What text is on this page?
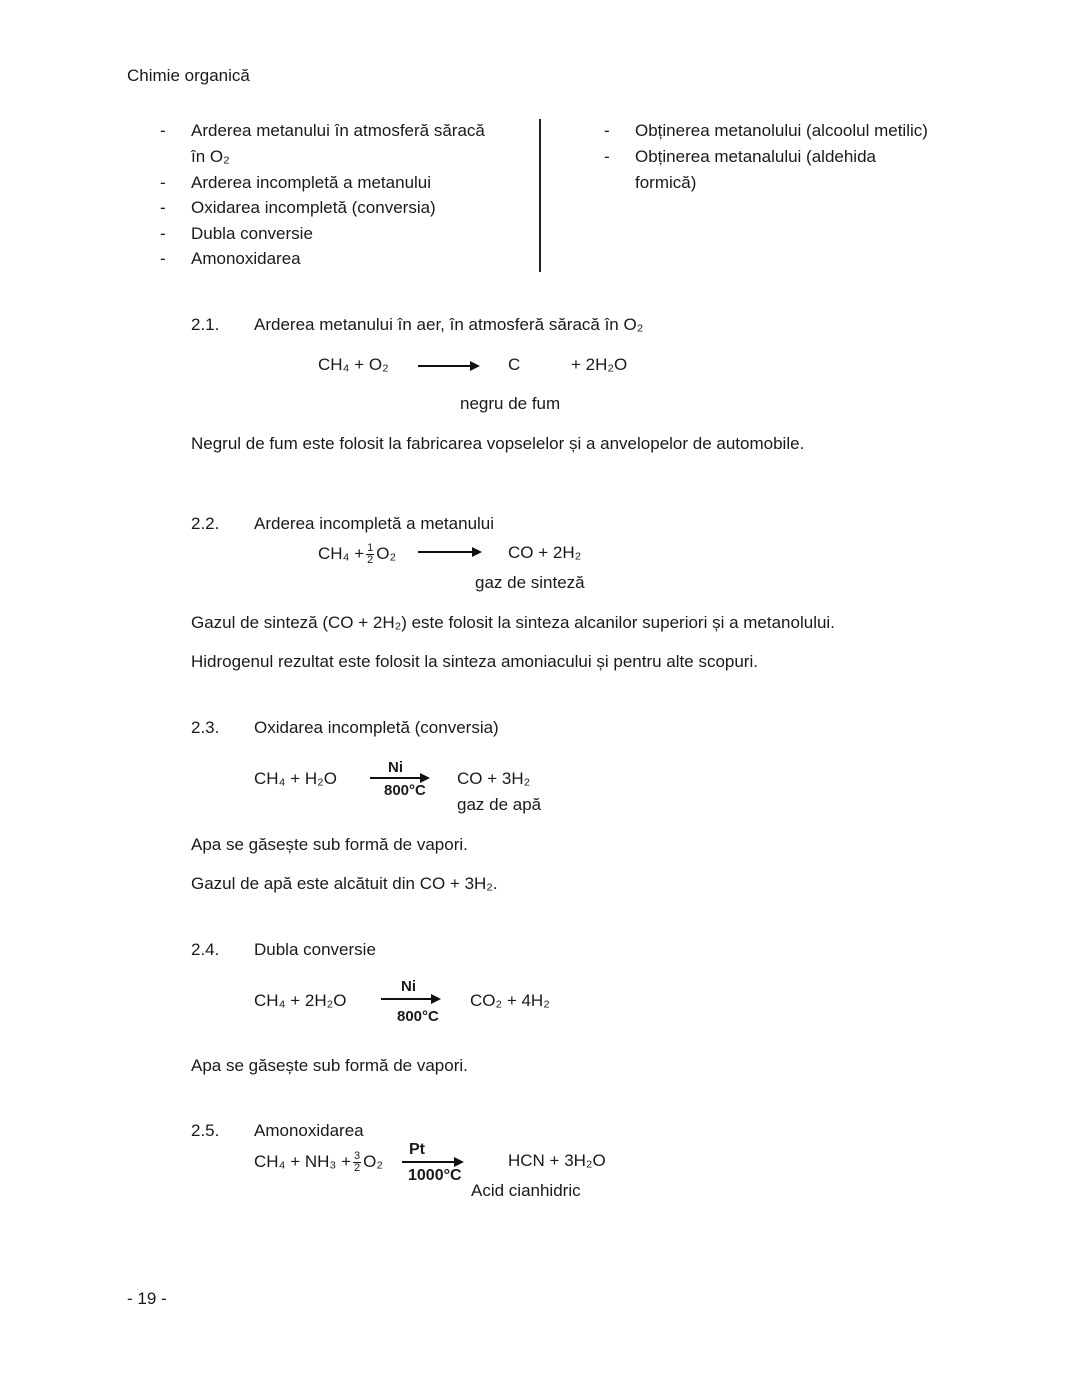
Chimie organică
- Arderea metanului în atmosferă săracă
în O₂
- Arderea incompletă a metanului
- Oxidarea incompletă (conversia)
- Dubla conversie
- Amonoxidarea
- Obținerea metanolului (alcoolul metilic)
- Obținerea metanalului (aldehida
formică)
2.1. Arderea metanului în aer, în atmosferă săracă în O₂
CH₄ + O₂	C	+ 2H₂O
negru de fum
Negrul de fum este folosit la fabricarea vopselelor și a anvelopelor de automobile.
2.2. Arderea incompletă a metanului
$CH_4 + \frac{1}{2} O_2$ → CO + 2H₂
gaz de sinteză
Gazul de sinteză (CO + 2H₂) este folosit la sinteza alcanilor superiori și a metanolului.
Hidrogenul rezultat este folosit la sinteza amoniacului și pentru alte scopuri.
2.3. Oxidarea incompletă (conversia)
CH₄ + H₂O
Ni
800°C
CO + 3H₂
gaz de apă
Apa se găsește sub formă de vapori.
Gazul de apă este alcătuit din CO + 3H₂.
2.4. Dubla conversie
CH₄ + 2H₂O
Ni
800°C
CO₂ + 4H₂
Apa se găsește sub formă de vapori.
2.5. Amonoxidarea
$CH_4 + NH_3 + \frac{3}{2} O_2$
Pt
1000°C
HCN + 3H₂O
Acid cianhidric
- 19 -
